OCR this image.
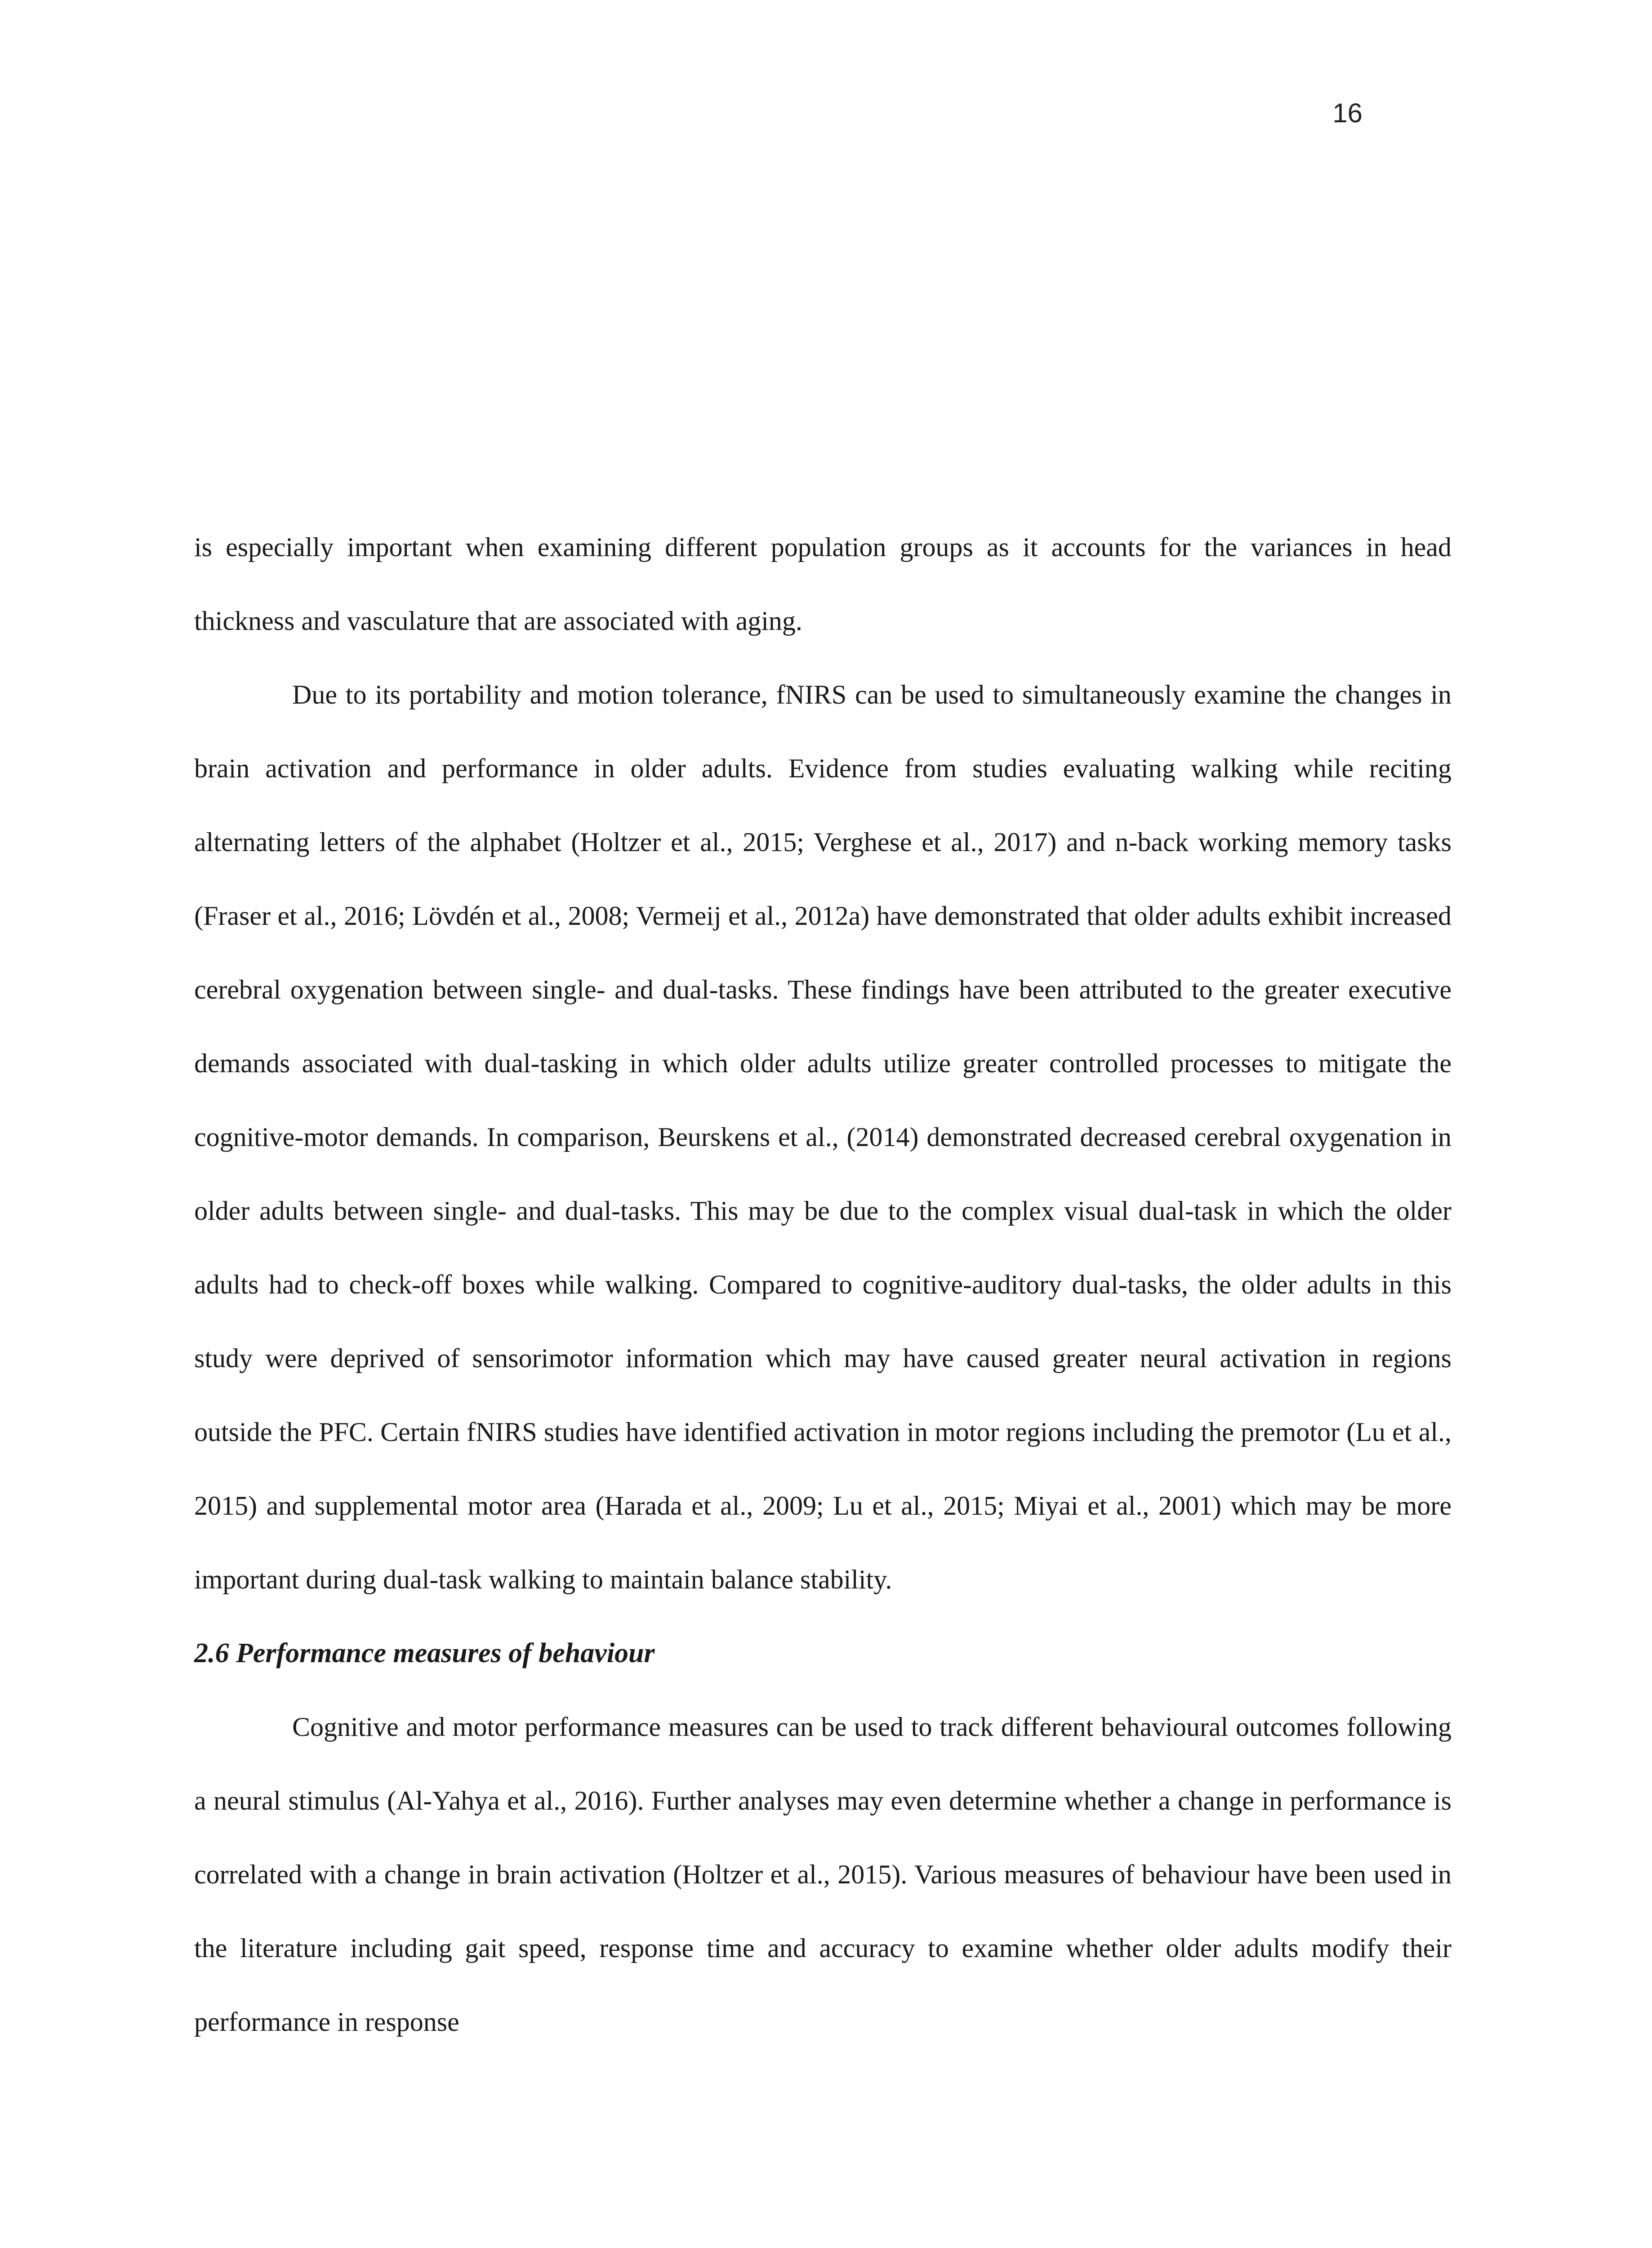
16

is especially important when examining different population groups as it accounts for the variances in head thickness and vasculature that are associated with aging.

Due to its portability and motion tolerance, fNIRS can be used to simultaneously examine the changes in brain activation and performance in older adults. Evidence from studies evaluating walking while reciting alternating letters of the alphabet (Holtzer et al., 2015; Verghese et al., 2017) and n-back working memory tasks (Fraser et al., 2016; Lövdén et al., 2008; Vermeij et al., 2012a) have demonstrated that older adults exhibit increased cerebral oxygenation between single- and dual-tasks. These findings have been attributed to the greater executive demands associated with dual-tasking in which older adults utilize greater controlled processes to mitigate the cognitive-motor demands. In comparison, Beurskens et al., (2014) demonstrated decreased cerebral oxygenation in older adults between single- and dual-tasks. This may be due to the complex visual dual-task in which the older adults had to check-off boxes while walking. Compared to cognitive-auditory dual-tasks, the older adults in this study were deprived of sensorimotor information which may have caused greater neural activation in regions outside the PFC. Certain fNIRS studies have identified activation in motor regions including the premotor (Lu et al., 2015) and supplemental motor area (Harada et al., 2009; Lu et al., 2015; Miyai et al., 2001) which may be more important during dual-task walking to maintain balance stability.

2.6 Performance measures of behaviour

Cognitive and motor performance measures can be used to track different behavioural outcomes following a neural stimulus (Al-Yahya et al., 2016). Further analyses may even determine whether a change in performance is correlated with a change in brain activation (Holtzer et al., 2015). Various measures of behaviour have been used in the literature including gait speed, response time and accuracy to examine whether older adults modify their performance in response
